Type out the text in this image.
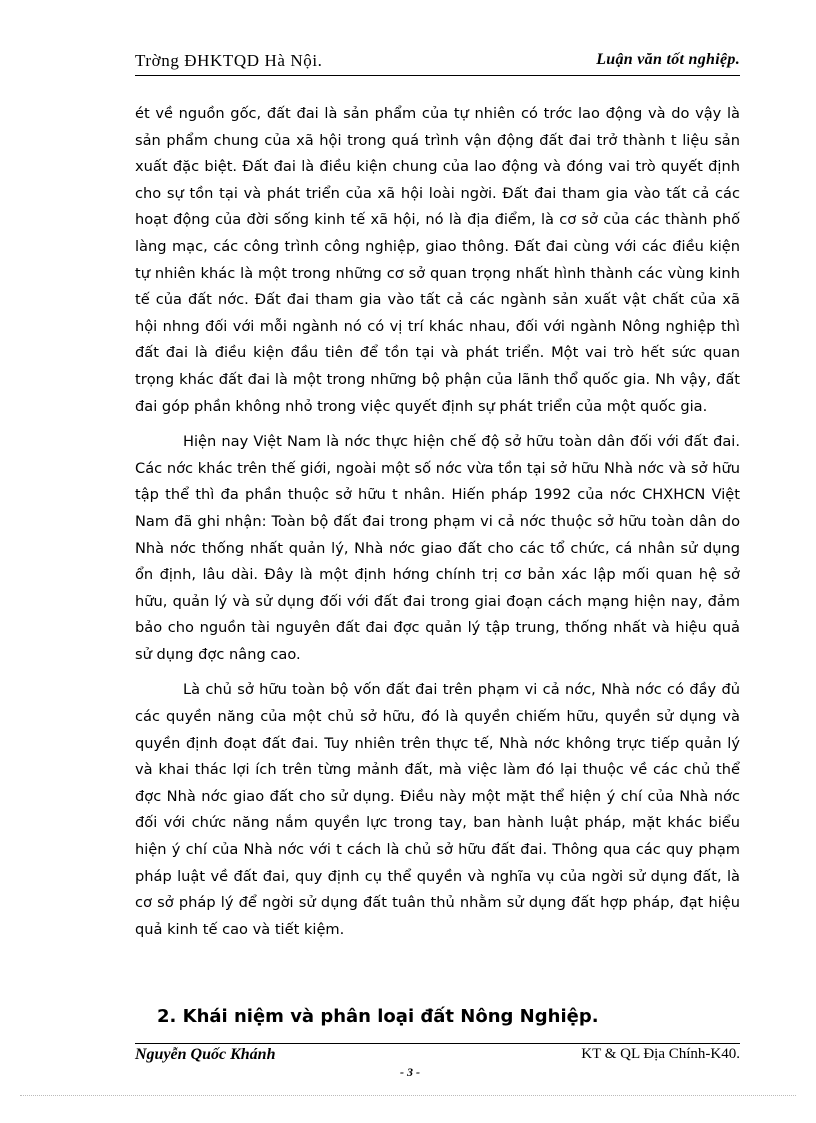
Trờng ĐHKTQD Hà Nội.	Luận văn tốt nghiệp.

ét về nguồn gốc, đất đai là sản phẩm của tự nhiên có trớc lao động và do vậy là sản phẩm chung của xã hội trong quá trình vận động đất đai trở thành t liệu sản xuất đặc biệt. Đất đai là điều kiện chung của lao động và đóng vai trò quyết định cho sự tồn tại và phát triển của xã hội loài ngời. Đất đai tham gia vào tất cả các hoạt động của đời sống kinh tế xã hội, nó là địa điểm, là cơ sở của các thành phố làng mạc, các công trình công nghiệp, giao thông. Đất đai cùng với các điều kiện tự nhiên khác là một trong những cơ sở quan trọng nhất hình thành các vùng kinh tế của đất nớc. Đất đai tham gia vào tất cả các ngành sản xuất vật chất của xã hội nhng đối với mỗi ngành nó có vị trí khác nhau, đối với ngành Nông nghiệp thì đất đai là điều kiện đầu tiên để tồn tại và phát triển. Một vai trò hết sức quan trọng khác đất đai là một trong những bộ phận của lãnh thổ quốc gia. Nh vậy, đất đai góp phần không nhỏ trong việc quyết định sự phát triển của một quốc gia.

Hiện nay Việt Nam là nớc thực hiện chế độ sở hữu toàn dân đối với đất đai. Các nớc khác trên thế giới, ngoài một số nớc vừa tồn tại sở hữu Nhà nớc và sở hữu tập thể thì đa phần thuộc sở hữu t nhân. Hiến pháp 1992 của nớc CHXHCN Việt Nam đã ghi nhận: Toàn bộ đất đai trong phạm vi cả nớc thuộc sở hữu toàn dân do Nhà nớc thống nhất quản lý, Nhà nớc giao đất cho các tổ chức, cá nhân sử dụng ổn định, lâu dài. Đây là một định hớng chính trị cơ bản xác lập mối quan hệ sở hữu, quản lý và sử dụng đối với đất đai trong giai đoạn cách mạng hiện nay, đảm bảo cho nguồn tài nguyên đất đai đợc quản lý tập trung, thống nhất và hiệu quả sử dụng đợc nâng cao.

Là chủ sở hữu toàn bộ vốn đất đai trên phạm vi cả nớc, Nhà nớc có đầy đủ các quyền năng của một chủ sở hữu, đó là quyền chiếm hữu, quyền sử dụng và quyền định đoạt đất đai. Tuy nhiên trên thực tế, Nhà nớc không trực tiếp quản lý và khai thác lợi ích trên từng mảnh đất, mà việc làm đó lại thuộc về các chủ thể đợc Nhà nớc giao đất cho sử dụng. Điều này một mặt thể hiện ý chí của Nhà nớc đối với chức năng nắm quyền lực trong tay, ban hành luật pháp, mặt khác biểu hiện ý chí của Nhà nớc với t cách là chủ sở hữu đất đai. Thông qua các quy phạm pháp luật về đất đai, quy định cụ thể quyền và nghĩa vụ của ngời sử dụng đất, là cơ sở pháp lý để ngời sử dụng đất tuân thủ nhằm sử dụng đất hợp pháp, đạt hiệu quả kinh tế cao và tiết kiệm.

2. Khái niệm và phân loại đất Nông Nghiệp.
Nguyễn Quốc Khánh	KT & QL Địa Chính-K40.
- 3 -
